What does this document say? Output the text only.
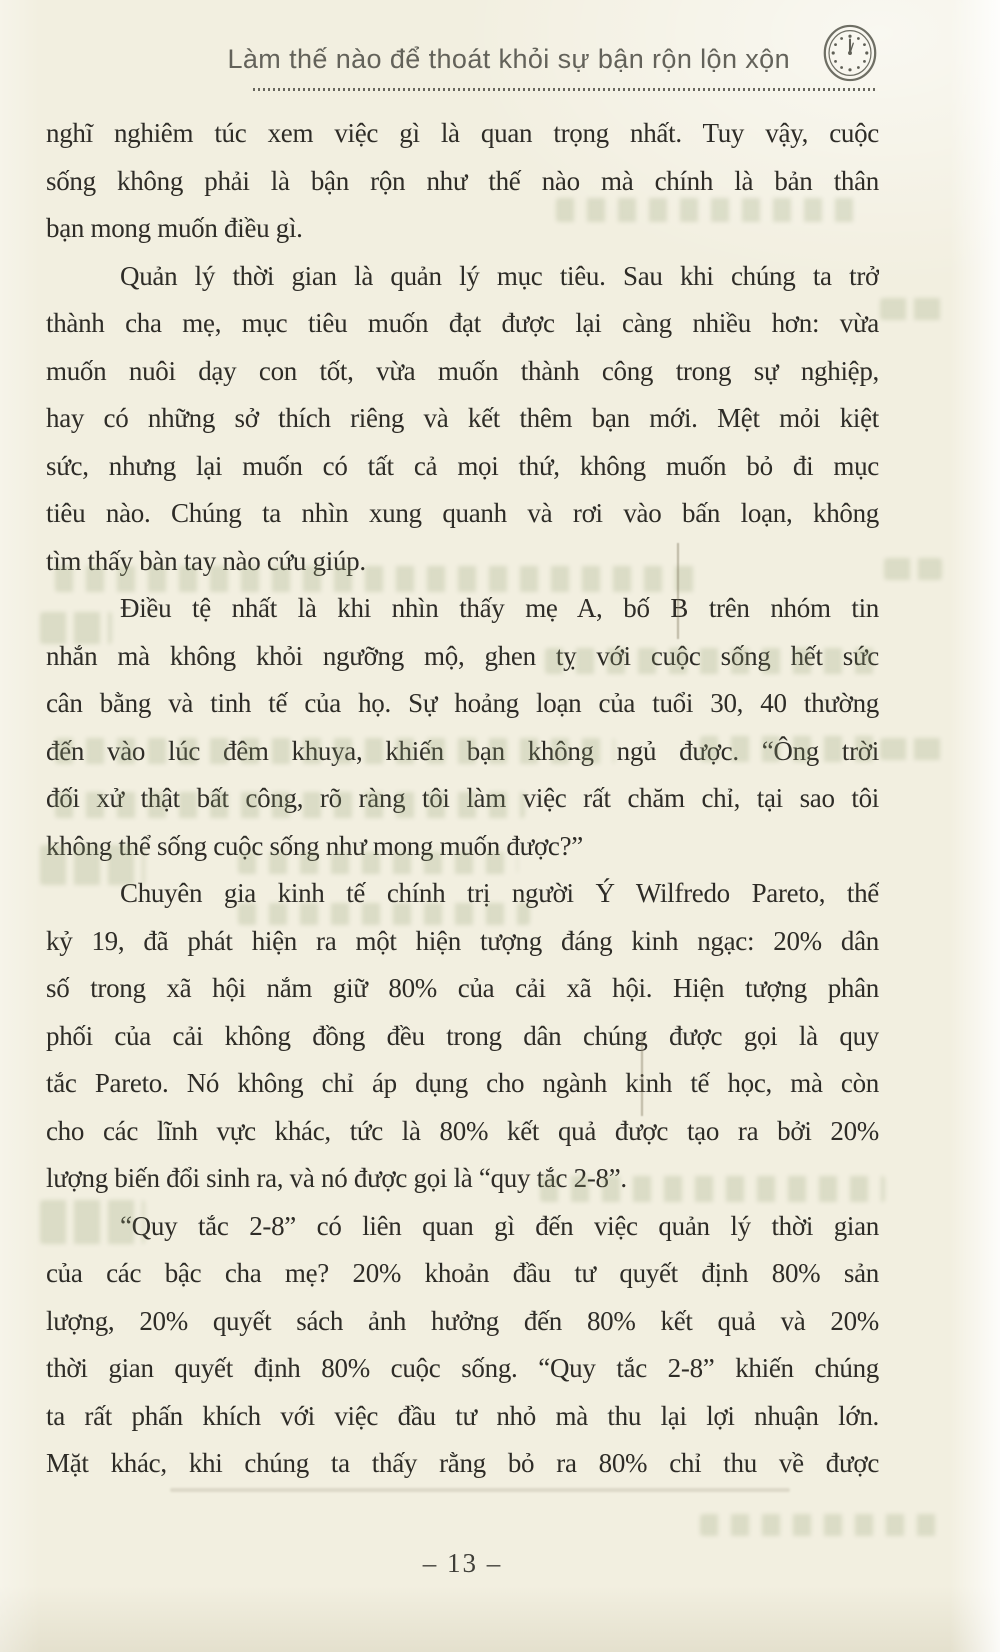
Làm thế nào để thoát khỏi sự bận rộn lộn xộn
nghĩ nghiêm túc xem việc gì là quan trọng nhất. Tuy vậy, cuộc
sống không phải là bận rộn như thế nào mà chính là bản thân
bạn mong muốn điều gì.
Quản lý thời gian là quản lý mục tiêu. Sau khi chúng ta trở
thành cha mẹ, mục tiêu muốn đạt được lại càng nhiều hơn: vừa
muốn nuôi dạy con tốt, vừa muốn thành công trong sự nghiệp,
hay có những sở thích riêng và kết thêm bạn mới. Mệt mỏi kiệt
sức, nhưng lại muốn có tất cả mọi thứ, không muốn bỏ đi mục
tiêu nào. Chúng ta nhìn xung quanh và rơi vào bấn loạn, không
tìm thấy bàn tay nào cứu giúp.
Điều tệ nhất là khi nhìn thấy mẹ A, bố B trên nhóm tin
nhắn mà không khỏi ngưỡng mộ, ghen tỵ với cuộc sống hết sức
cân bằng và tinh tế của họ. Sự hoảng loạn của tuổi 30, 40 thường
đến vào lúc đêm khuya, khiến bạn không ngủ được. “Ông trời
đối xử thật bất công, rõ ràng tôi làm việc rất chăm chỉ, tại sao tôi
không thể sống cuộc sống như mong muốn được?”
Chuyên gia kinh tế chính trị người Ý Wilfredo Pareto, thế
kỷ 19, đã phát hiện ra một hiện tượng đáng kinh ngạc: 20% dân
số trong xã hội nắm giữ 80% của cải xã hội. Hiện tượng phân
phối của cải không đồng đều trong dân chúng được gọi là quy
tắc Pareto. Nó không chỉ áp dụng cho ngành kinh tế học, mà còn
cho các lĩnh vực khác, tức là 80% kết quả được tạo ra bởi 20%
lượng biến đổi sinh ra, và nó được gọi là “quy tắc 2-8”.
“Quy tắc 2-8” có liên quan gì đến việc quản lý thời gian
của các bậc cha mẹ? 20% khoản đầu tư quyết định 80% sản
lượng, 20% quyết sách ảnh hưởng đến 80% kết quả và 20%
thời gian quyết định 80% cuộc sống. “Quy tắc 2-8” khiến chúng
ta rất phấn khích với việc đầu tư nhỏ mà thu lại lợi nhuận lớn.
Mặt khác, khi chúng ta thấy rằng bỏ ra 80% chỉ thu về được
– 13 –
